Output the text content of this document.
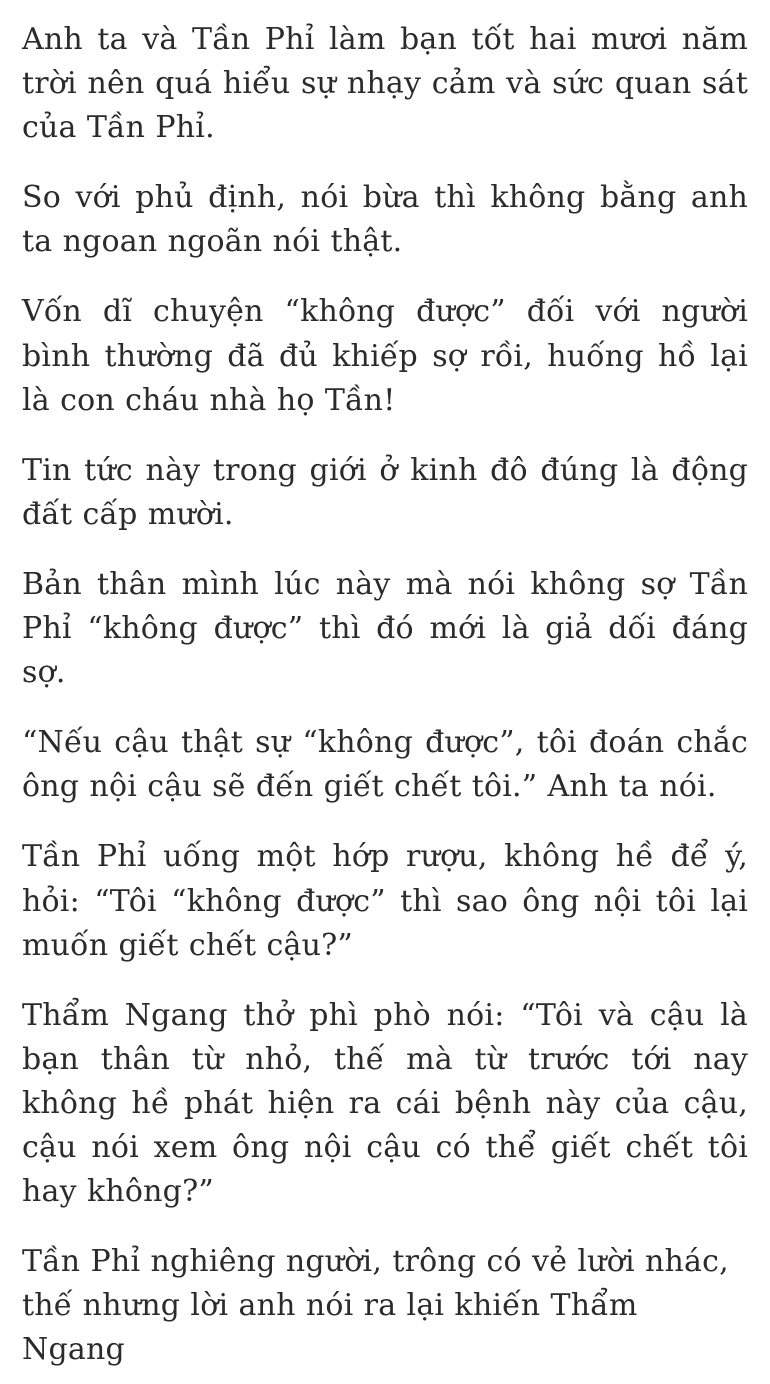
Anh ta và Tần Phỉ làm bạn tốt hai mươi năm trời nên quá hiểu sự nhạy cảm và sức quan sát của Tần Phỉ.

So với phủ định, nói bừa thì không bằng anh ta ngoan ngoãn nói thật.

Vốn dĩ chuyện “không được” đối với người bình thường đã đủ khiếp sợ rồi, huống hồ lại là con cháu nhà họ Tần!

Tin tức này trong giới ở kinh đô đúng là động đất cấp mười.

Bản thân mình lúc này mà nói không sợ Tần Phỉ “không được” thì đó mới là giả dối đáng sợ.

“Nếu cậu thật sự “không được”, tôi đoán chắc ông nội cậu sẽ đến giết chết tôi.” Anh ta nói.

Tần Phỉ uống một hớp rượu, không hề để ý, hỏi: “Tôi “không được” thì sao ông nội tôi lại muốn giết chết cậu?”

Thẩm Ngang thở phì phò nói: “Tôi và cậu là bạn thân từ nhỏ, thế mà từ trước tới nay không hề phát hiện ra cái bệnh này của cậu, cậu nói xem ông nội cậu có thể giết chết tôi hay không?”

Tần Phỉ nghiêng người, trông có vẻ lười nhác, thế nhưng lời anh nói ra lại khiến Thẩm Ngang
